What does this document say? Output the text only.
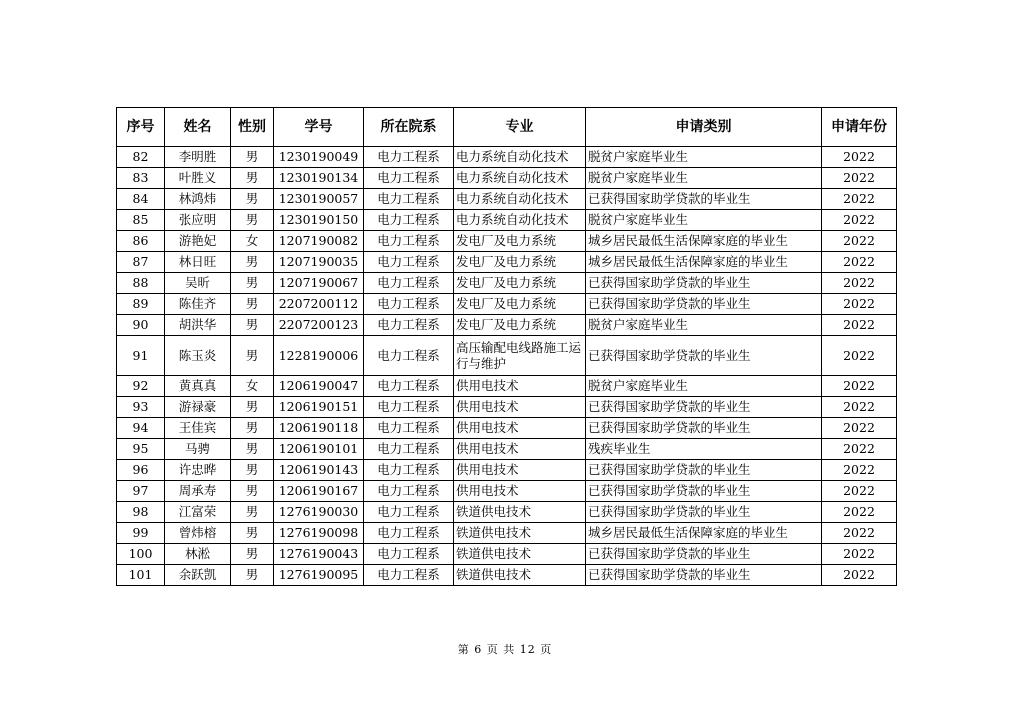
序号	姓名	性别	学号	所在院系	专业	申请类别	申请年份
82	李明胜	男	1230190049	电力工程系	电力系统自动化技术	脱贫户家庭毕业生	2022
83	叶胜义	男	1230190134	电力工程系	电力系统自动化技术	脱贫户家庭毕业生	2022
84	林鸿炜	男	1230190057	电力工程系	电力系统自动化技术	已获得国家助学贷款的毕业生	2022
85	张应明	男	1230190150	电力工程系	电力系统自动化技术	脱贫户家庭毕业生	2022
86	游艳妃	女	1207190082	电力工程系	发电厂及电力系统	城乡居民最低生活保障家庭的毕业生	2022
87	林日旺	男	1207190035	电力工程系	发电厂及电力系统	城乡居民最低生活保障家庭的毕业生	2022
88	吴昕	男	1207190067	电力工程系	发电厂及电力系统	已获得国家助学贷款的毕业生	2022
89	陈佳齐	男	2207200112	电力工程系	发电厂及电力系统	已获得国家助学贷款的毕业生	2022
90	胡洪华	男	2207200123	电力工程系	发电厂及电力系统	脱贫户家庭毕业生	2022
91	陈玉炎	男	1228190006	电力工程系	高压输配电线路施工运行与维护	已获得国家助学贷款的毕业生	2022
92	黄真真	女	1206190047	电力工程系	供用电技术	脱贫户家庭毕业生	2022
93	游禄豪	男	1206190151	电力工程系	供用电技术	已获得国家助学贷款的毕业生	2022
94	王佳宾	男	1206190118	电力工程系	供用电技术	已获得国家助学贷款的毕业生	2022
95	马骋	男	1206190101	电力工程系	供用电技术	残疾毕业生	2022
96	许忠晔	男	1206190143	电力工程系	供用电技术	已获得国家助学贷款的毕业生	2022
97	周承寿	男	1206190167	电力工程系	供用电技术	已获得国家助学贷款的毕业生	2022
98	江富荣	男	1276190030	电力工程系	铁道供电技术	已获得国家助学贷款的毕业生	2022
99	曾炜榕	男	1276190098	电力工程系	铁道供电技术	城乡居民最低生活保障家庭的毕业生	2022
100	林淞	男	1276190043	电力工程系	铁道供电技术	已获得国家助学贷款的毕业生	2022
101	余跃凯	男	1276190095	电力工程系	铁道供电技术	已获得国家助学贷款的毕业生	2022
第 6 页 共 12 页
